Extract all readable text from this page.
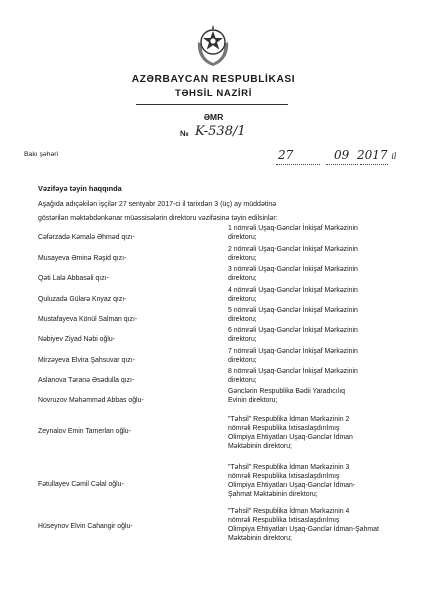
AZƏRBAYCAN RESPUBLİKASI
TƏHSİL NAZİRİ
ƏMR
№ K-538/1
Bakı şəhəri	27	09 2017 il
Vəzifəyə təyin haqqında
Aşağıda adıçəkilən işçilər 27 sentyabr 2017-ci il tarixdən 3 (üç) ay müddətinə
göstərilən məktəbdənkənar müəssisələrin direktoru vəzifəsinə təyin edilsinlər:
Cəfərzadə Kəmalə Əhməd qızı-
1 nömrəli Uşaq-Gənclər İnkişaf Mərkəzinin
direktoru;
Musayeva Əminə Rəşid qızı-
2 nömrəli Uşaq-Gənclər İnkişaf Mərkəzinin
direktoru;
Qəti Lalə Abbasəli qızı-
3 nömrəli Uşaq-Gənclər İnkişaf Mərkəzinin
direktoru;
Quluzadə Gülarə Knyaz qızı-
4 nömrəli Uşaq-Gənclər İnkişaf Mərkəzinin
direktoru;
Mustafayeva Könül Salman qızı-
5 nömrəli Uşaq-Gənclər İnkişaf Mərkəzinin
direktoru;
Nəbiyev Ziyad Nəbi oğlu-
6 nömrəli Uşaq-Gənclər İnkişaf Mərkəzinin
direktoru;
Mirzəyeva Elvira Şahsuvar qızı-
7 nömrəli Uşaq-Gənclər İnkişaf Mərkəzinin
direktoru;
Aslanova Təranə Əsədulla qızı-
8 nömrəli Uşaq-Gənclər İnkişaf Mərkəzinin
direktoru;
Novruzov Məhəmməd Abbas oğlu-
Gənclərin Respublika Bədii Yaradıcılıq
Evinin direktoru;
Zeynalov Emin Tamerlan oğlu-
"Təhsil" Respublika İdman Mərkəzinin 2
nömrəli Respublika İxtisaslaşdırılmış
Olimpiya Ehtiyatları Uşaq-Gənclər İdman
Məktəbinin direktoru;
Fətullayev Cəmil Cəlal oğlu-
"Təhsil" Respublika İdman Mərkəzinin 3
nömrəli Respublika İxtisaslaşdırılmış
Olimpiya Ehtiyatları Uşaq-Gənclər İdman-
Şahmat Məktəbinin direktoru;
Hüseynov Elvin Cahangir oğlu-
"Təhsil" Respublika İdman Mərkəzinin 4
nömrəli Respublika İxtisaslaşdırılmış
Olimpiya Ehtiyatları Uşaq-Gənclər İdman-Şahmat
Məktəbinin direktoru;
